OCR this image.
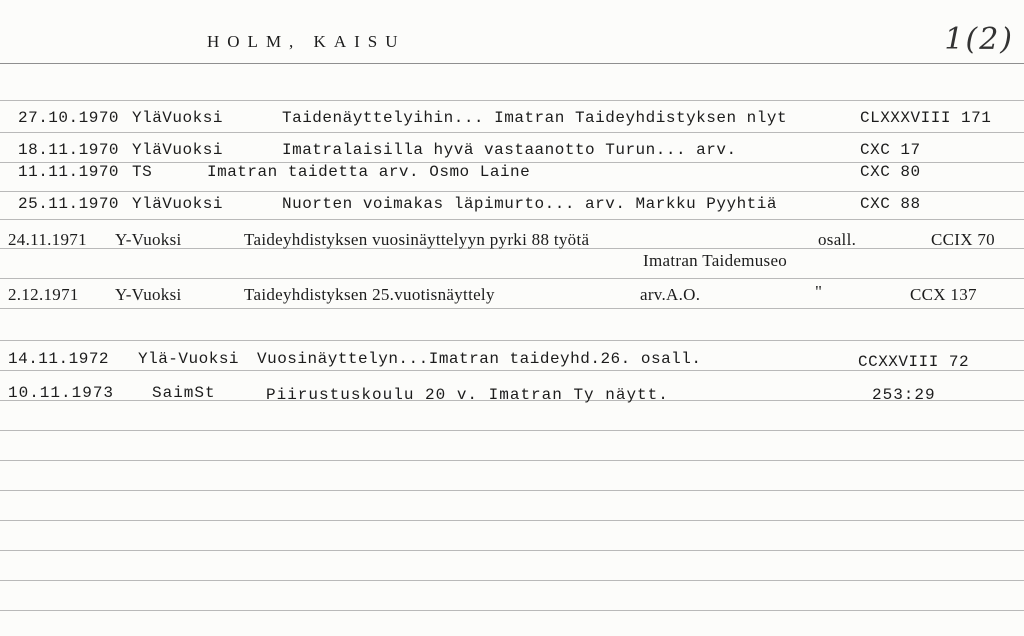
HOLM, KAISU	1(2)
27.10.1970 YläVuoksi	Taidenäyttelyihin... Imatran Taideyhdistyksen nlyt	CLXXXVIII 171
18.11.1970 YläVuoksi	Imatralaisilla hyvä vastaanotto Turun... arv.	CXC 17
11.11.1970 TS	Imatran taidetta arv. Osmo Laine	CXC 80
25.11.1970 YläVuoksi	Nuorten voimakas läpimurto... arv. Markku Pyyhtiä	CXC 88
24.11.1971 Y-Vuoksi	Taideyhdistyksen vuosinäyttelyyn pyrki 88 työtä	osall.	CCIX 70
Imatran Taidemuseo
2.12.1971 Y-Vuoksi	Taideyhdistyksen 25.vuotisnäyttely	arv.A.O.	"	CCX 137
14.11.1972 Ylä-Vuoksi Vuosinäyttelyn...Imatran taideyhd.26. osall.	CCXXVIII 72
10.11.1973 SaimSt	Piirustuskoulu 20 v. Imatran Ty näytt.	253:29
